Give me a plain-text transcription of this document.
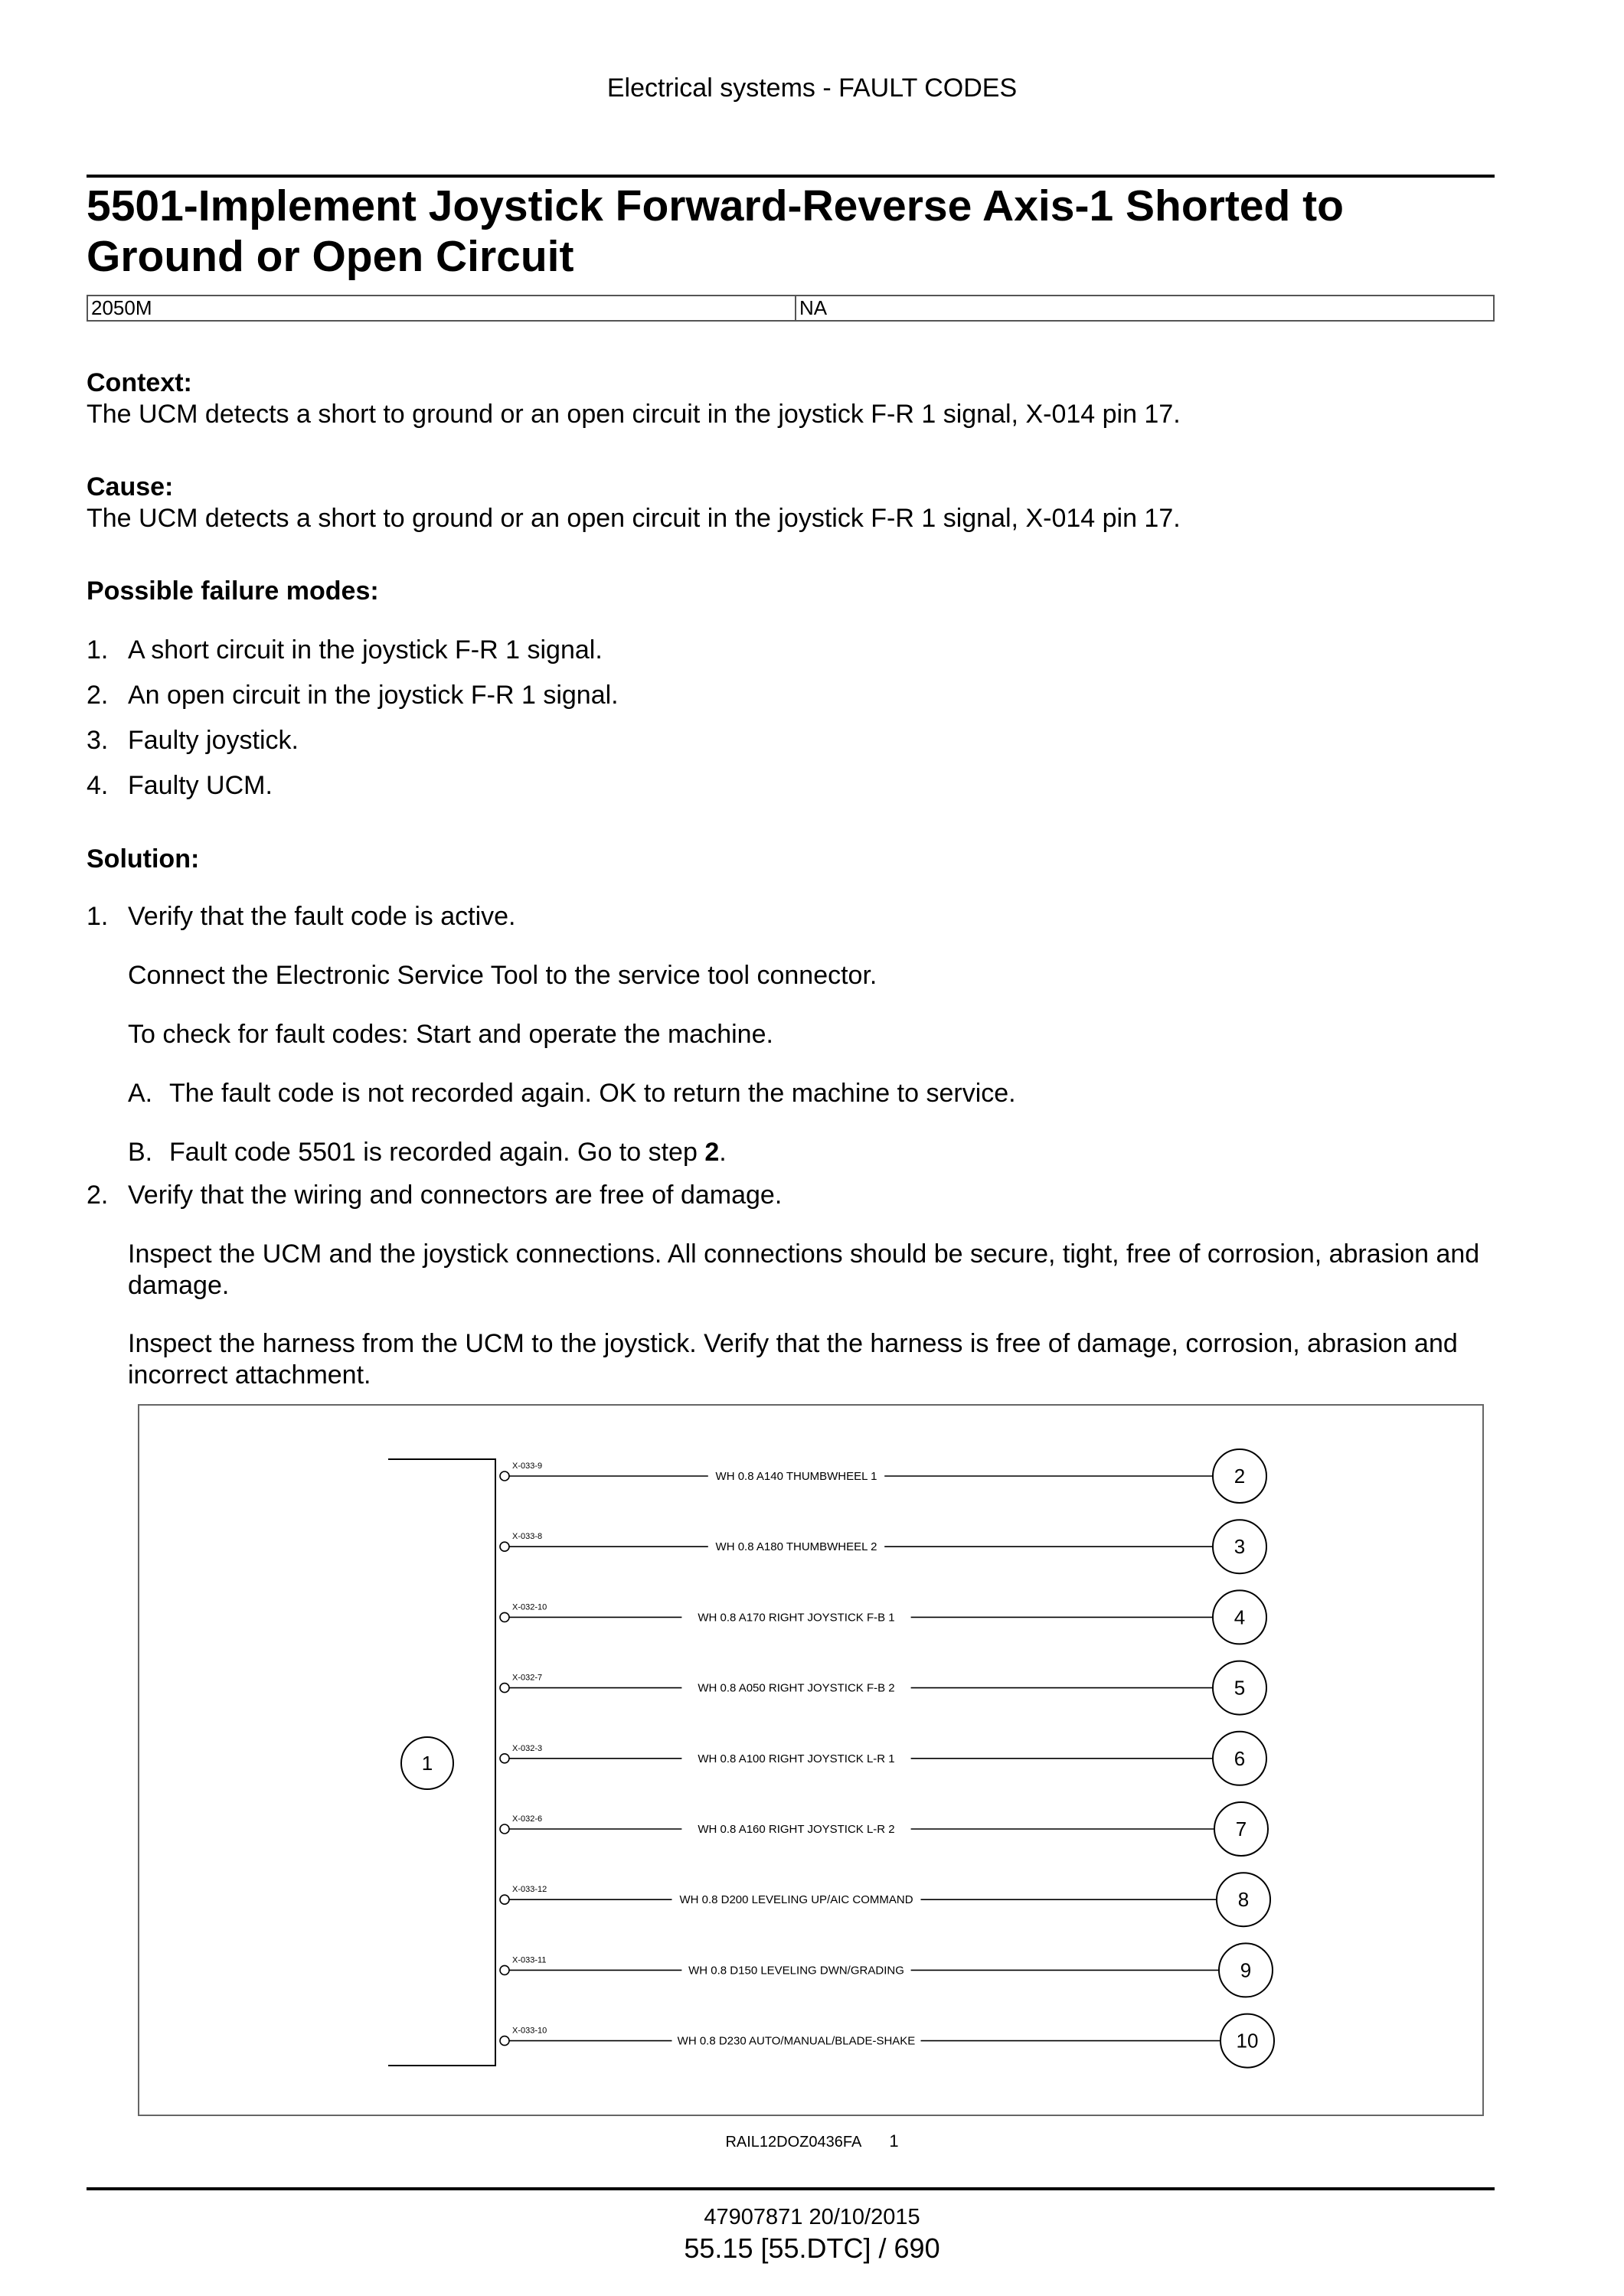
Electrical systems - FAULT CODES
5501-Implement Joystick Forward-Reverse Axis-1 Shorted to Ground or Open Circuit
2050M	NA
Context:
The UCM detects a short to ground or an open circuit in the joystick F-R 1 signal, X-014 pin 17.
Cause:
The UCM detects a short to ground or an open circuit in the joystick F-R 1 signal, X-014 pin 17.
Possible failure modes:
1. A short circuit in the joystick F-R 1 signal.
2. An open circuit in the joystick F-R 1 signal.
3. Faulty joystick.
4. Faulty UCM.
Solution:
1. Verify that the fault code is active.
Connect the Electronic Service Tool to the service tool connector.
To check for fault codes: Start and operate the machine.
A. The fault code is not recorded again. OK to return the machine to service.
B. Fault code 5501 is recorded again. Go to step 2.
2. Verify that the wiring and connectors are free of damage.
Inspect the UCM and the joystick connections. All connections should be secure, tight, free of corrosion, abrasion and damage.
Inspect the harness from the UCM to the joystick. Verify that the harness is free of damage, corrosion, abrasion and incorrect attachment.
1
X-033-9
WH 0.8 A140 THUMBWHEEL 1	2
X-033-8
WH 0.8 A180 THUMBWHEEL 2	3
X-032-10
WH 0.8 A170 RIGHT JOYSTICK F-B 1	4
X-032-7
WH 0.8 A050 RIGHT JOYSTICK F-B 2	5
X-032-3
WH 0.8 A100 RIGHT JOYSTICK L-R 1	6
X-032-6
WH 0.8 A160 RIGHT JOYSTICK L-R 2	7
X-033-12
WH 0.8 D200 LEVELING UP/AIC COMMAND	8
X-033-11
WH 0.8 D150 LEVELING DWN/GRADING	9
X-033-10
WH 0.8 D230 AUTO/MANUAL/BLADE-SHAKE	10
RAIL12DOZ0436FA 1
47907871 20/10/2015
55.15 [55.DTC] / 690
